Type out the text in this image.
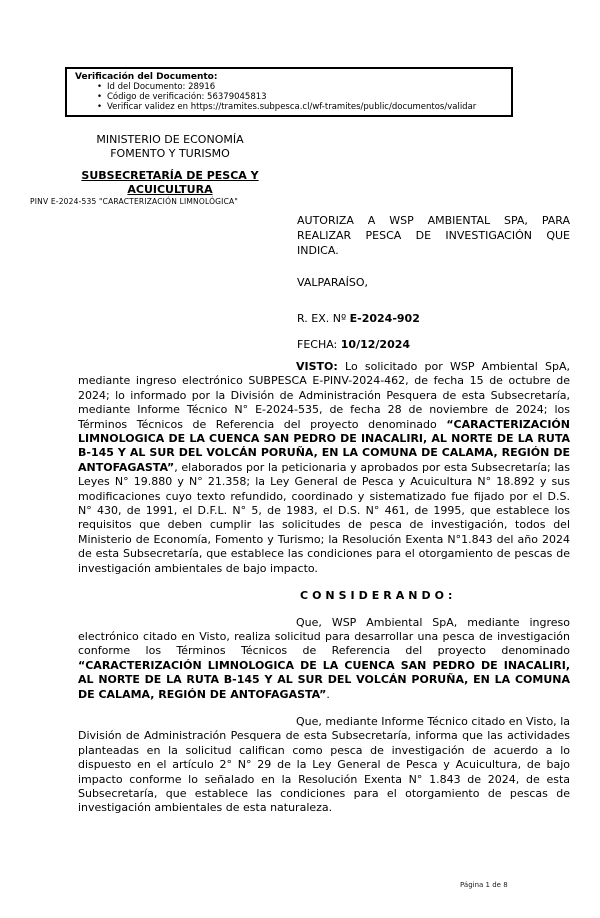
Verificación del Documento:
• Id del Documento: 28916
• Código de verificación: 56379045813
• Verificar validez en https://tramites.subpesca.cl/wf-tramites/public/documentos/validar
MINISTERIO DE ECONOMÍA
FOMENTO Y TURISMO
SUBSECRETARÍA DE PESCA Y ACUICULTURA
PINV E-2024-535 "CARACTERIZACIÓN LIMNOLÓGICA"

AUTORIZA A WSP AMBIENTAL SPA, PARA REALIZAR PESCA DE INVESTIGACIÓN QUE INDICA.

VALPARAÍSO,

R. EX. Nº E-2024-902

FECHA: 10/12/2024

VISTO: Lo solicitado por WSP Ambiental SpA, mediante ingreso electrónico SUBPESCA E-PINV-2024-462, de fecha 15 de octubre de 2024; lo informado por la División de Administración Pesquera de esta Subsecretaría, mediante Informe Técnico N° E-2024-535, de fecha 28 de noviembre de 2024; los Términos Técnicos de Referencia del proyecto denominado “CARACTERIZACIÓN LIMNOLOGICA DE LA CUENCA SAN PEDRO DE INACALIRI, AL NORTE DE LA RUTA B-145 Y AL SUR DEL VOLCÁN PORUÑA, EN LA COMUNA DE CALAMA, REGIÓN DE ANTOFAGASTA”, elaborados por la peticionaria y aprobados por esta Subsecretaría; las Leyes N° 19.880 y N° 21.358; la Ley General de Pesca y Acuicultura N° 18.892 y sus modificaciones cuyo texto refundido, coordinado y sistematizado fue fijado por el D.S. N° 430, de 1991, el D.F.L. N° 5, de 1983, el D.S. N° 461, de 1995, que establece los requisitos que deben cumplir las solicitudes de pesca de investigación, todos del Ministerio de Economía, Fomento y Turismo; la Resolución Exenta N°1.843 del año 2024 de esta Subsecretaría, que establece las condiciones para el otorgamiento de pescas de investigación ambientales de bajo impacto.

CONSIDERANDO:

Que, WSP Ambiental SpA, mediante ingreso electrónico citado en Visto, realiza solicitud para desarrollar una pesca de investigación conforme los Términos Técnicos de Referencia del proyecto denominado “CARACTERIZACIÓN LIMNOLOGICA DE LA CUENCA SAN PEDRO DE INACALIRI, AL NORTE DE LA RUTA B-145 Y AL SUR DEL VOLCÁN PORUÑA, EN LA COMUNA DE CALAMA, REGIÓN DE ANTOFAGASTA”.

Que, mediante Informe Técnico citado en Visto, la División de Administración Pesquera de esta Subsecretaría, informa que las actividades planteadas en la solicitud califican como pesca de investigación de acuerdo a lo dispuesto en el artículo 2° N° 29 de la Ley General de Pesca y Acuicultura, de bajo impacto conforme lo señalado en la Resolución Exenta N° 1.843 de 2024, de esta Subsecretaría, que establece las condiciones para el otorgamiento de pescas de investigación ambientales de esta naturaleza.

Página 1 de 8
